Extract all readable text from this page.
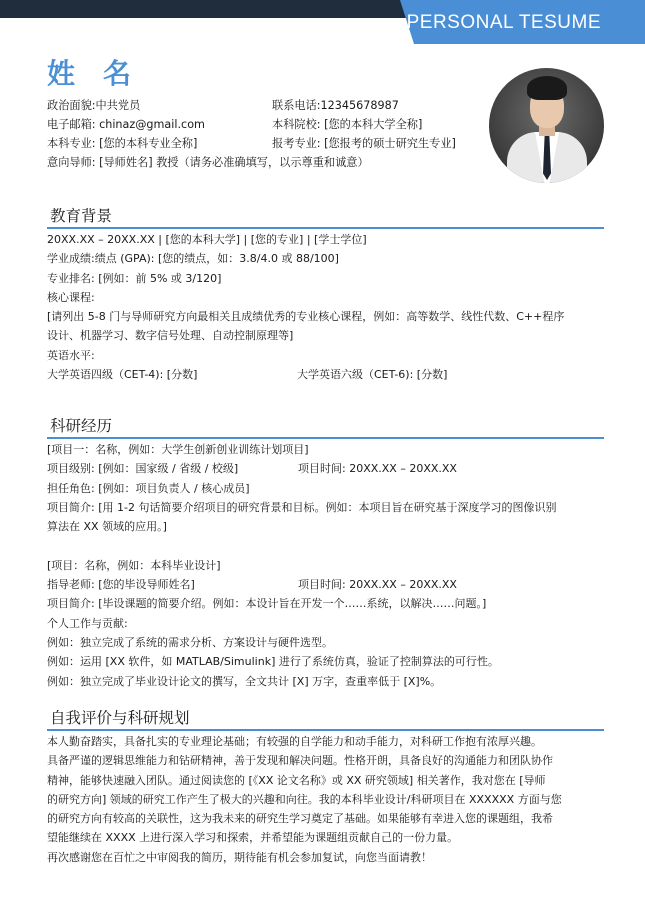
PERSONAL TESUME
姓名
政治面貌:中共党员	联系电话:12345678987
电子邮箱: chinaz@gmail.com	本科院校: [您的本科大学全称]
本科专业: [您的本科专业全称]	报考专业: [您报考的硕士研究生专业]
意向导师: [导师姓名] 教授（请务必准确填写，以示尊重和诚意）
教育背景
20XX.XX – 20XX.XX | [您的本科大学] | [您的专业] | [学士学位]
学业成绩:绩点 (GPA): [您的绩点，如：3.8/4.0 或 88/100]
专业排名: [例如：前 5% 或 3/120]
核心课程:
[请列出 5-8 门与导师研究方向最相关且成绩优秀的专业核心课程，例如：高等数学、线性代数、C++程序
设计、机器学习、数字信号处理、自动控制原理等]
英语水平:
大学英语四级（CET-4): [分数]	大学英语六级（CET-6): [分数]
科研经历
[项目一：名称，例如：大学生创新创业训练计划项目]
项目级别: [例如：国家级 / 省级 / 校级]	项目时间: 20XX.XX – 20XX.XX
担任角色: [例如：项目负责人 / 核心成员]
项目简介: [用 1-2 句话简要介绍项目的研究背景和目标。例如：本项目旨在研究基于深度学习的图像识别
算法在 XX 领域的应用。]
[项目：名称，例如：本科毕业设计]
指导老师: [您的毕设导师姓名]	项目时间: 20XX.XX – 20XX.XX
项目简介: [毕设课题的简要介绍。例如：本设计旨在开发一个……系统，以解决……问题。]
个人工作与贡献:
例如：独立完成了系统的需求分析、方案设计与硬件选型。
例如：运用 [XX 软件，如 MATLAB/Simulink] 进行了系统仿真，验证了控制算法的可行性。
例如：独立完成了毕业设计论文的撰写，全文共计 [X] 万字，查重率低于 [X]%。
自我评价与科研规划
本人勤奋踏实，具备扎实的专业理论基础；有较强的自学能力和动手能力，对科研工作抱有浓厚兴趣。
具备严谨的逻辑思维能力和钻研精神，善于发现和解决问题。性格开朗，具备良好的沟通能力和团队协作
精神，能够快速融入团队。通过阅读您的 [《XX 论文名称》或 XX 研究领域] 相关著作，我对您在 [导师
的研究方向] 领域的研究工作产生了极大的兴趣和向往。我的本科毕业设计/科研项目在 XXXXXX 方面与您
的研究方向有较高的关联性，这为我未来的研究生学习奠定了基础。如果能够有幸进入您的课题组，我希
望能继续在 XXXX 上进行深入学习和探索，并希望能为课题组贡献自己的一份力量。
再次感谢您在百忙之中审阅我的简历，期待能有机会参加复试，向您当面请教！
